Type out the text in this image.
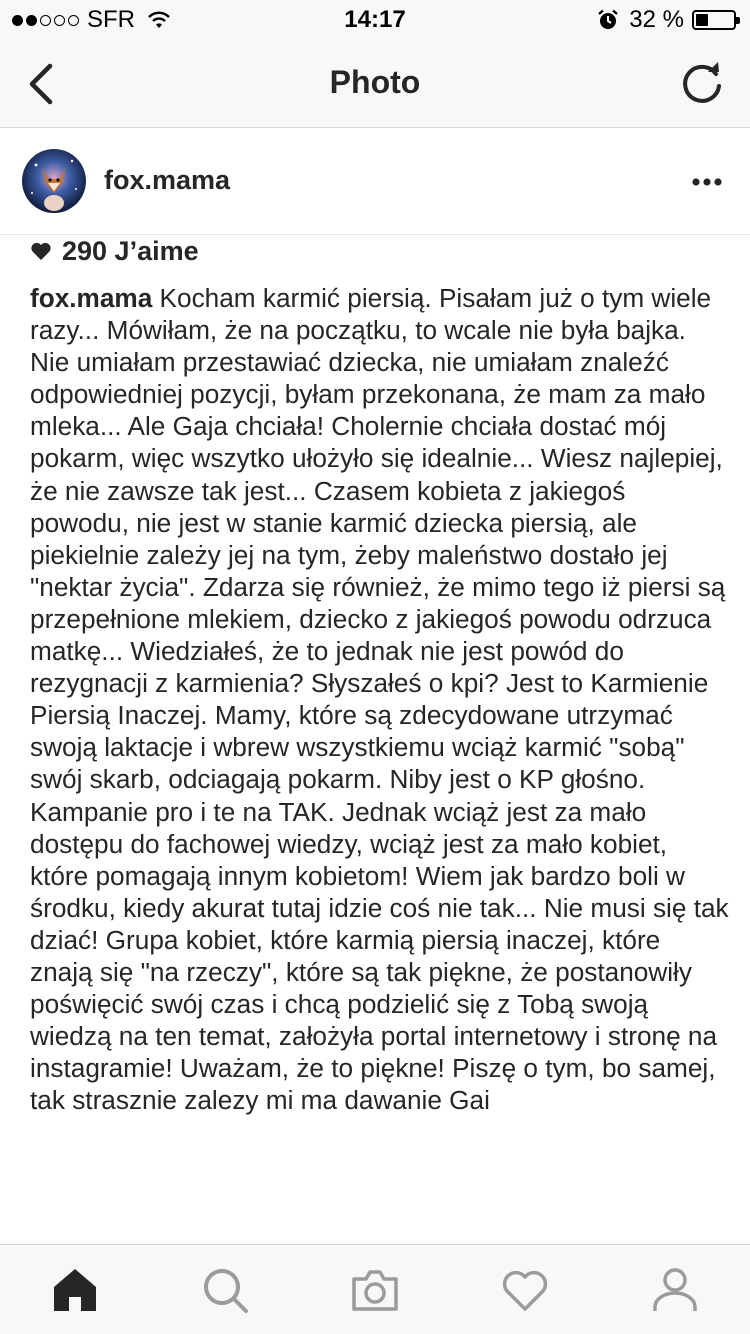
SFR	14:17	32 %
Photo
fox.mama
290 J’aime
fox.mama Kocham karmić piersią. Pisałam już o tym wiele razy... Mówiłam, że na początku, to wcale nie była bajka. Nie umiałam przestawiać dziecka, nie umiałam znaleźć odpowiedniej pozycji, byłam przekonana, że mam za mało mleka... Ale Gaja chciała! Cholernie chciała dostać mój pokarm, więc wszytko ułożyło się idealnie... Wiesz najlepiej, że nie zawsze tak jest... Czasem kobieta z jakiegoś powodu, nie jest w stanie karmić dziecka piersią, ale piekielnie zależy jej na tym, żeby maleństwo dostało jej "nektar życia". Zdarza się również, że mimo tego iż piersi są przepełnione mlekiem, dziecko z jakiegoś powodu odrzuca matkę... Wiedziałeś, że to jednak nie jest powód do rezygnacji z karmienia? Słyszałeś o kpi? Jest to Karmienie Piersią Inaczej. Mamy, które są zdecydowane utrzymać swoją laktacje i wbrew wszystkiemu wciąż karmić "sobą" swój skarb, odciagają pokarm. Niby jest o KP głośno. Kampanie pro i te na TAK. Jednak wciąż jest za mało dostępu do fachowej wiedzy, wciąż jest za mało kobiet, które pomagają innym kobietom! Wiem jak bardzo boli w środku, kiedy akurat tutaj idzie coś nie tak... Nie musi się tak dziać! Grupa kobiet, które karmią piersią inaczej, które znają się "na rzeczy", które są tak piękne, że postanowiły poświęcić swój czas i chcą podzielić się z Tobą swoją wiedzą na ten temat, założyła portal internetowy i stronę na instagramie! Uważam, że to piękne! Piszę o tym, bo samej, tak strasznie zalezy mi ma dawanie Gai
